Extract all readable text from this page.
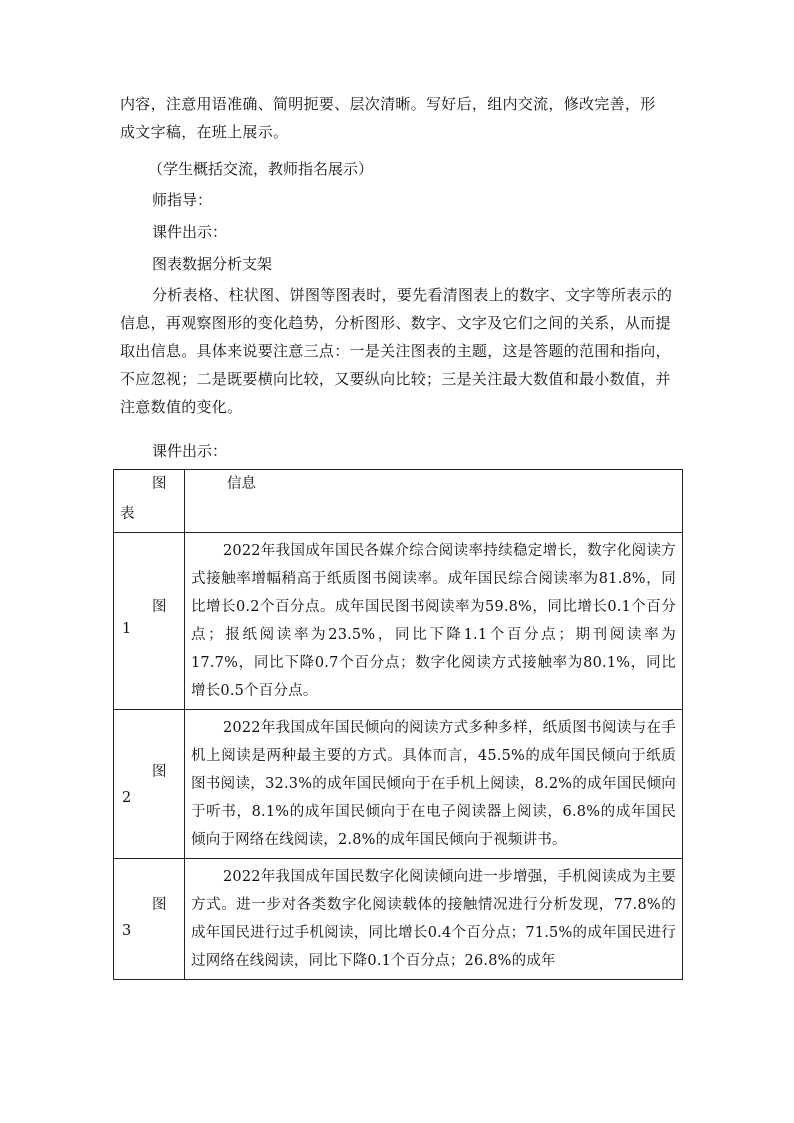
内容，注意用语准确、简明扼要、层次清晰。写好后，组内交流，修改完善，形
成文字稿，在班上展示。
（学生概括交流，教师指名展示）
师指导：
课件出示：
图表数据分析支架
分析表格、柱状图、饼图等图表时，要先看清图表上的数字、文字等所表示的信息，再观察图形的变化趋势，分析图形、数字、文字及它们之间的关系，从而提取出信息。具体来说要注意三点：一是关注图表的主题，这是答题的范围和指向，不应忽视；二是既要横向比较，又要纵向比较；三是关注最大数值和最小数值，并注意数值的变化。
课件出示：
图
表	信息

图
1	2022年我国成年国民各媒介综合阅读率持续稳定增长，数字化阅读方式接触率增幅稍高于纸质图书阅读率。成年国民综合阅读率为81.8%，同比增长0.2个百分点。成年国民图书阅读率为59.8%，同比增长0.1个百分点；报纸阅读率为23.5%，同比下降1.1个百分点；期刊阅读率为17.7%，同比下降0.7个百分点；数字化阅读方式接触率为80.1%，同比增长0.5个百分点。

图
2	2022年我国成年国民倾向的阅读方式多种多样，纸质图书阅读与在手机上阅读是两种最主要的方式。具体而言，45.5%的成年国民倾向于纸质图书阅读，32.3%的成年国民倾向于在手机上阅读，8.2%的成年国民倾向于听书，8.1%的成年国民倾向于在电子阅读器上阅读，6.8%的成年国民倾向于网络在线阅读，2.8%的成年国民倾向于视频讲书。

图
3	2022年我国成年国民数字化阅读倾向进一步增强，手机阅读成为主要方式。进一步对各类数字化阅读载体的接触情况进行分析发现，77.8%的成年国民进行过手机阅读，同比增长0.4个百分点；71.5%的成年国民进行过网络在线阅读，同比下降0.1个百分点；26.8%的成年
